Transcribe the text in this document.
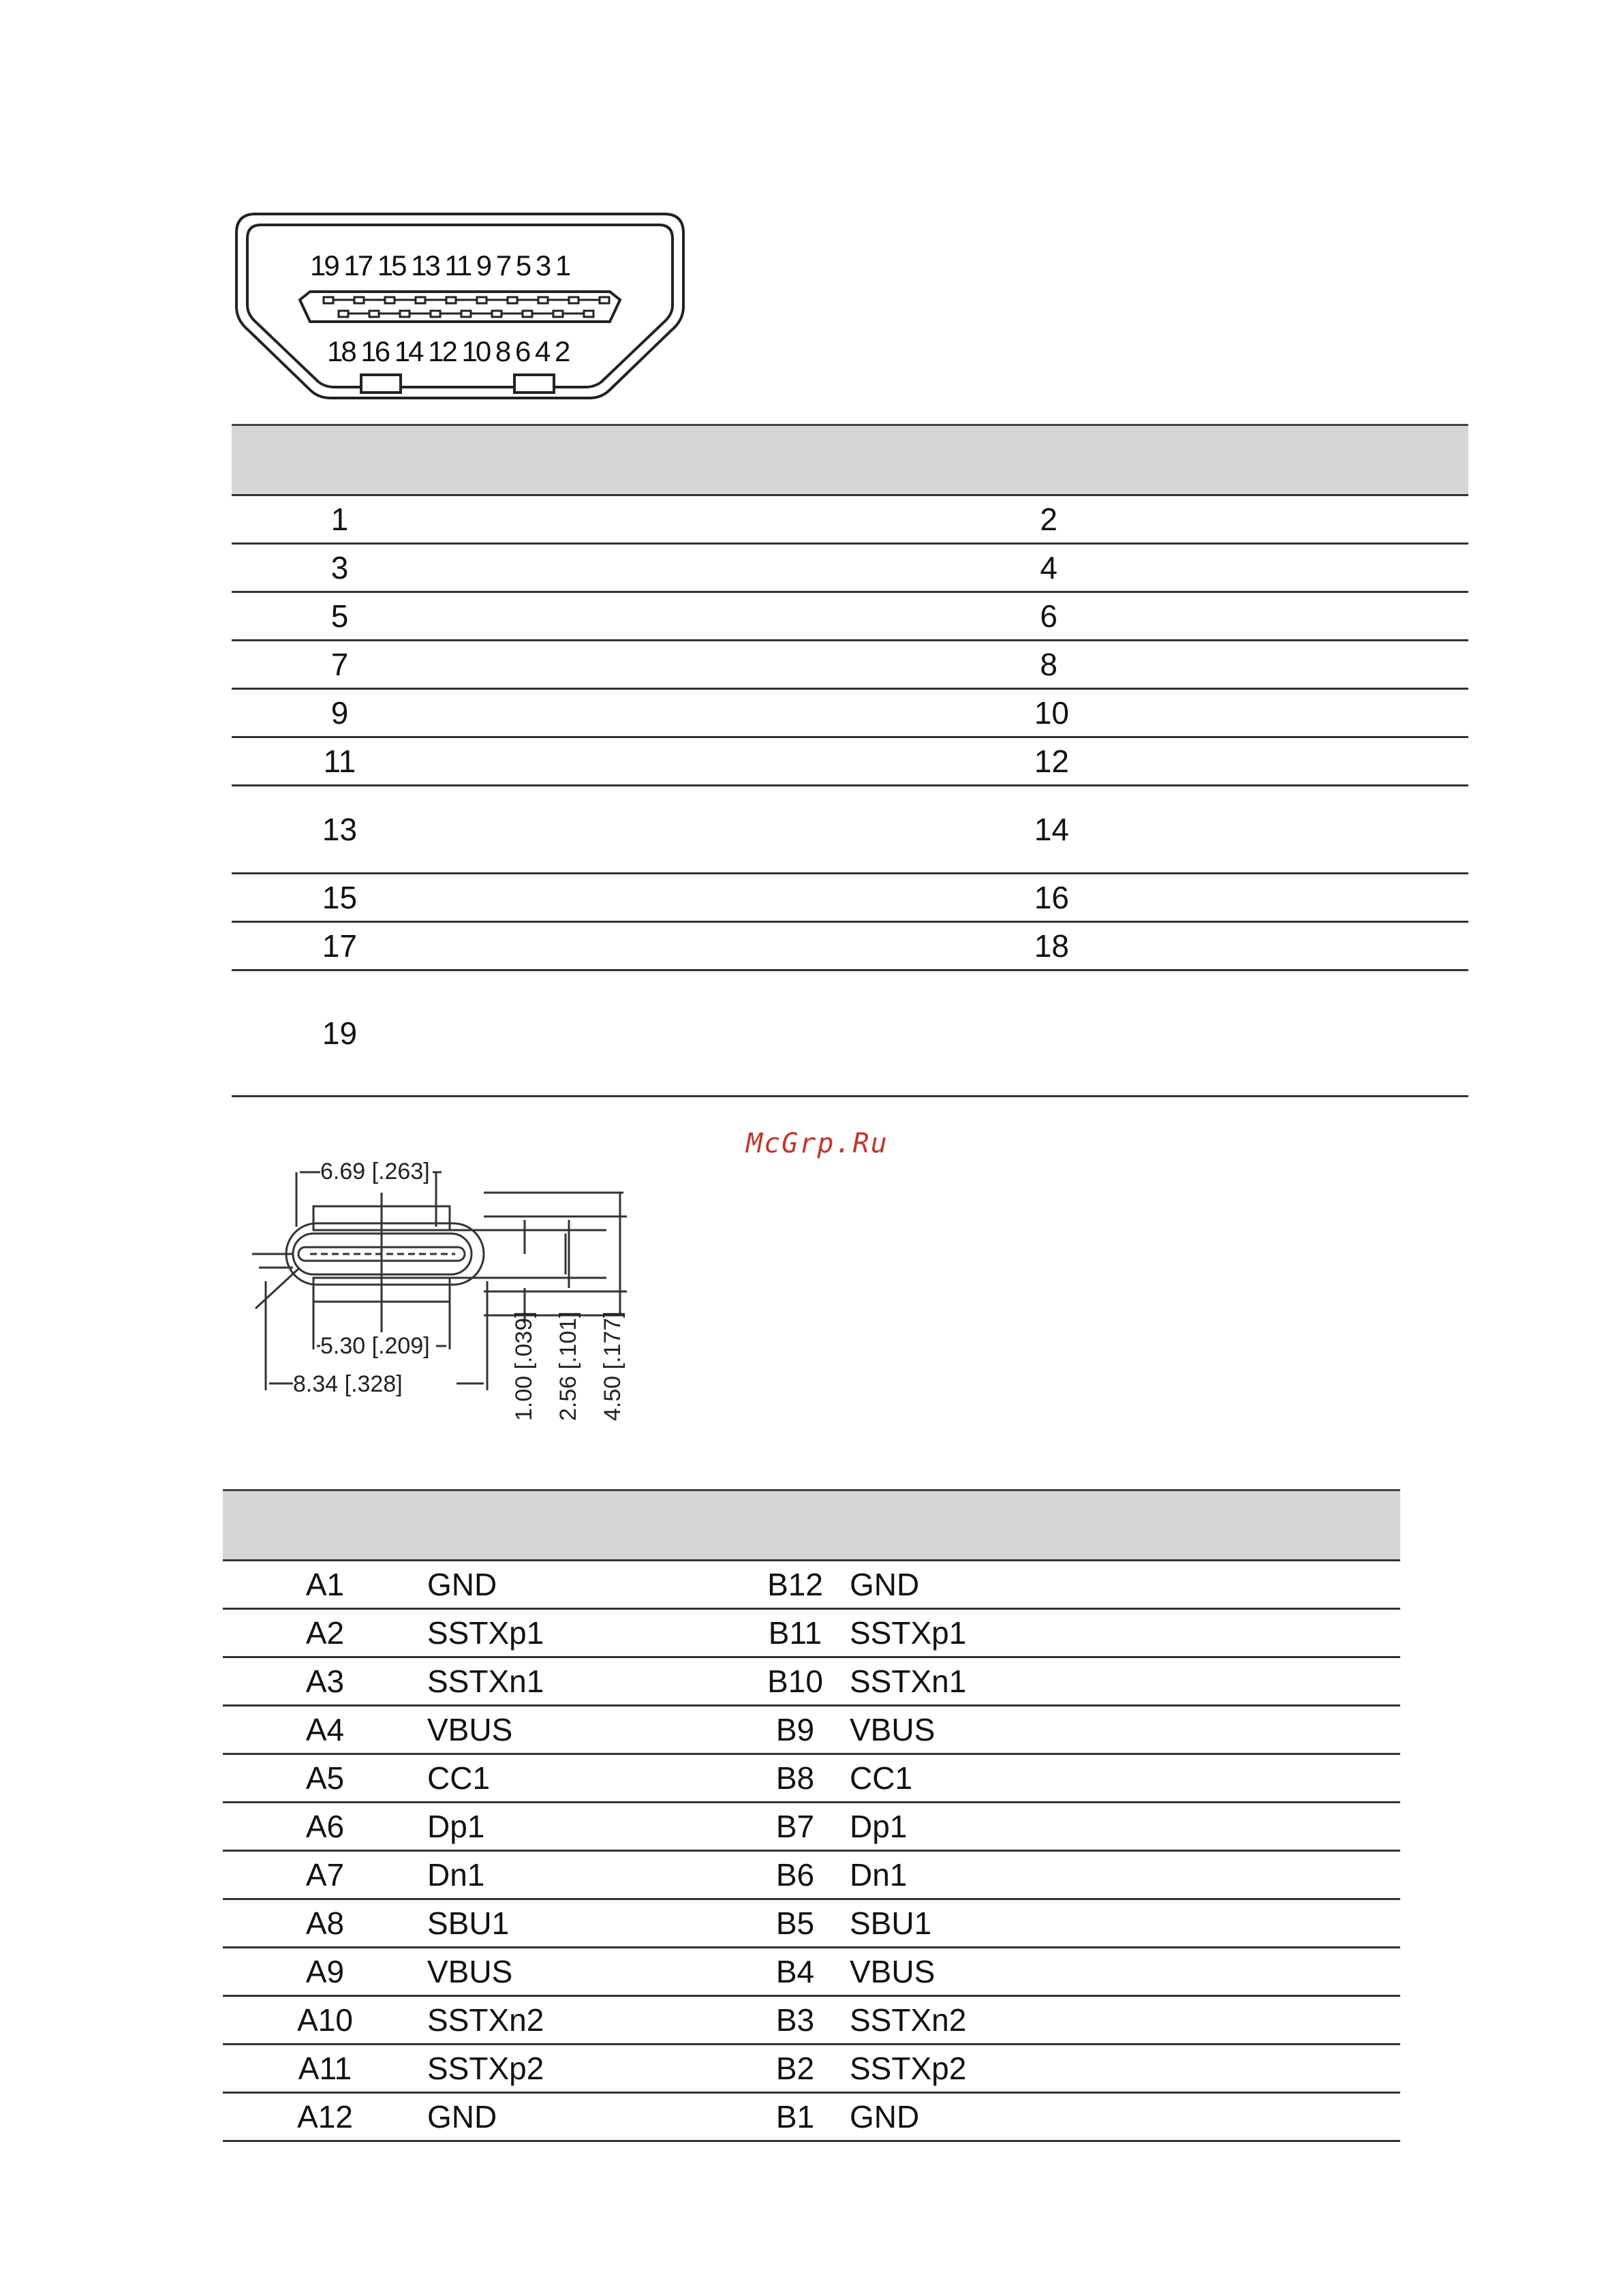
19 17 15 13 11 9 7 5 3 1
18 16 14 12 10 8 6 4 2

1	2
3	4
5	6
7	8
9	10
11	12
13	14
15	16
17	18
19	
McGrp.Ru
6.69 [.263]
5.30 [.209]
8.34 [.328]	1.00 [.039] 2.56 [.101] 4.50 [.177]

A1	GND	B12	GND
A2	SSTXp1	B11	SSTXp1
A3	SSTXn1	B10	SSTXn1
A4	VBUS	B9	VBUS
A5	CC1	B8	CC1
A6	Dp1	B7	Dp1
A7	Dn1	B6	Dn1
A8	SBU1	B5	SBU1
A9	VBUS	B4	VBUS
A10	SSTXn2	B3	SSTXn2
A11	SSTXp2	B2	SSTXp2
A12	GND	B1	GND
